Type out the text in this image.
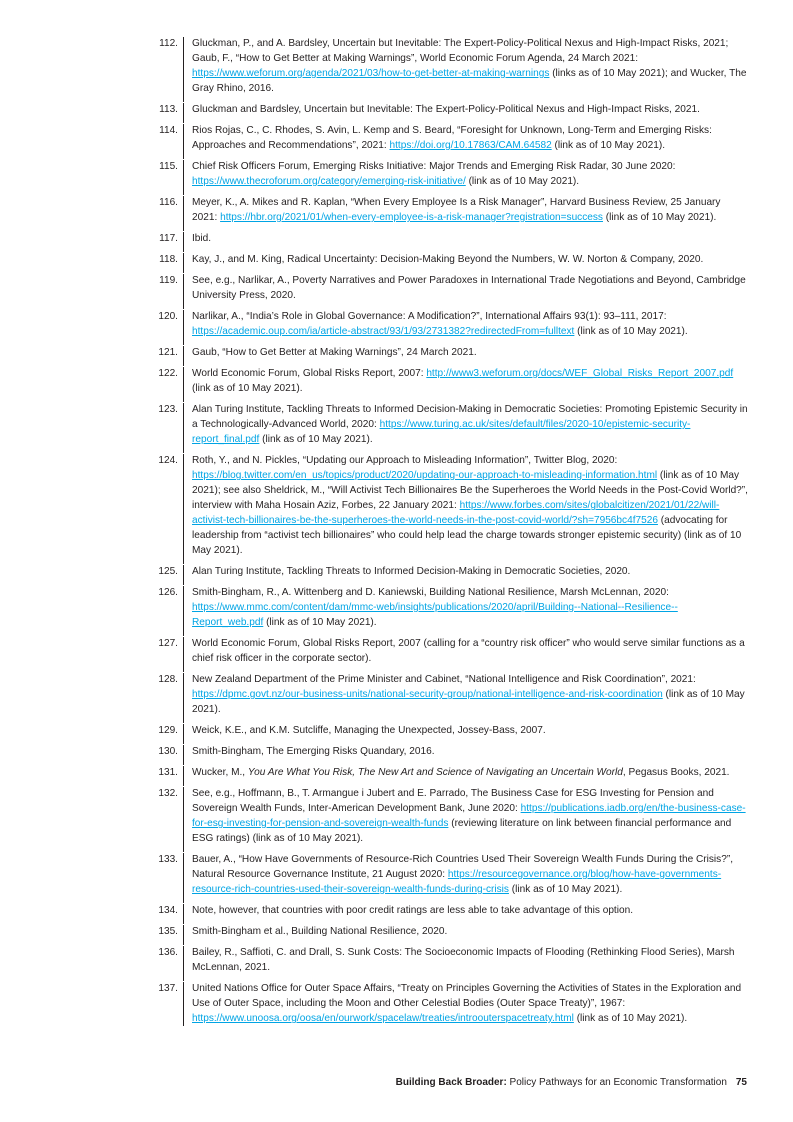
112.	Gluckman, P., and A. Bardsley, Uncertain but Inevitable: The Expert-Policy-Political Nexus and High-Impact Risks, 2021; Gaub, F., “How to Get Better at Making Warnings”, World Economic Forum Agenda, 24 March 2021: https://www.weforum.org/agenda/2021/03/how-to-get-better-at-making-warnings (links as of 10 May 2021); and Wucker, The Gray Rhino, 2016.
113.	Gluckman and Bardsley, Uncertain but Inevitable: The Expert-Policy-Political Nexus and High-Impact Risks, 2021.
114.	Rios Rojas, C., C. Rhodes, S. Avin, L. Kemp and S. Beard, “Foresight for Unknown, Long-Term and Emerging Risks: Approaches and Recommendations”, 2021: https://doi.org/10.17863/CAM.64582 (link as of 10 May 2021).
115.	Chief Risk Officers Forum, Emerging Risks Initiative: Major Trends and Emerging Risk Radar, 30 June 2020: https://www.thecroforum.org/category/emerging-risk-initiative/ (link as of 10 May 2021).
116.	Meyer, K., A. Mikes and R. Kaplan, “When Every Employee Is a Risk Manager”, Harvard Business Review, 25 January 2021: https://hbr.org/2021/01/when-every-employee-is-a-risk-manager?registration=success (link as of 10 May 2021).
117.	Ibid.
118.	Kay, J., and M. King, Radical Uncertainty: Decision-Making Beyond the Numbers, W. W. Norton & Company, 2020.
119.	See, e.g., Narlikar, A., Poverty Narratives and Power Paradoxes in International Trade Negotiations and Beyond, Cambridge University Press, 2020.
120.	Narlikar, A., “India’s Role in Global Governance: A Modification?”, International Affairs 93(1): 93–111, 2017: https://academic.oup.com/ia/article-abstract/93/1/93/2731382?redirectedFrom=fulltext (link as of 10 May 2021).
121.	Gaub, “How to Get Better at Making Warnings”, 24 March 2021.
122.	World Economic Forum, Global Risks Report, 2007: http://www3.weforum.org/docs/WEF_Global_Risks_Report_2007.pdf (link as of 10 May 2021).
123.	Alan Turing Institute, Tackling Threats to Informed Decision-Making in Democratic Societies: Promoting Epistemic Security in a Technologically-Advanced World, 2020: https://www.turing.ac.uk/sites/default/files/2020-10/epistemic-security-report_final.pdf (link as of 10 May 2021).
124.	Roth, Y., and N. Pickles, “Updating our Approach to Misleading Information”, Twitter Blog, 2020: https://blog.twitter.com/en_us/topics/product/2020/updating-our-approach-to-misleading-information.html (link as of 10 May 2021); see also Sheldrick, M., “Will Activist Tech Billionaires Be the Superheroes the World Needs in the Post-Covid World?”, interview with Maha Hosain Aziz, Forbes, 22 January 2021: https://www.forbes.com/sites/globalcitizen/2021/01/22/will-activist-tech-billionaires-be-the-superheroes-the-world-needs-in-the-post-covid-world/?sh=7956bc4f7526 (advocating for leadership from “activist tech billionaires” who could help lead the charge towards stronger epistemic security) (link as of 10 May 2021).
125.	Alan Turing Institute, Tackling Threats to Informed Decision-Making in Democratic Societies, 2020.
126.	Smith-Bingham, R., A. Wittenberg and D. Kaniewski, Building National Resilience, Marsh McLennan, 2020: https://www.mmc.com/content/dam/mmc-web/insights/publications/2020/april/Building--National--Resilience--Report_web.pdf (link as of 10 May 2021).
127.	World Economic Forum, Global Risks Report, 2007 (calling for a “country risk officer” who would serve similar functions as a chief risk officer in the corporate sector).
128.	New Zealand Department of the Prime Minister and Cabinet, “National Intelligence and Risk Coordination”, 2021: https://dpmc.govt.nz/our-business-units/national-security-group/national-intelligence-and-risk-coordination (link as of 10 May 2021).
129.	Weick, K.E., and K.M. Sutcliffe, Managing the Unexpected, Jossey-Bass, 2007.
130.	Smith-Bingham, The Emerging Risks Quandary, 2016.
131.	Wucker, M., You Are What You Risk, The New Art and Science of Navigating an Uncertain World, Pegasus Books, 2021.
132.	See, e.g., Hoffmann, B., T. Armangue i Jubert and E. Parrado, The Business Case for ESG Investing for Pension and Sovereign Wealth Funds, Inter-American Development Bank, June 2020: https://publications.iadb.org/en/the-business-case-for-esg-investing-for-pension-and-sovereign-wealth-funds (reviewing literature on link between financial performance and ESG ratings) (link as of 10 May 2021).
133.	Bauer, A., “How Have Governments of Resource-Rich Countries Used Their Sovereign Wealth Funds During the Crisis?”, Natural Resource Governance Institute, 21 August 2020: https://resourcegovernance.org/blog/how-have-governments-resource-rich-countries-used-their-sovereign-wealth-funds-during-crisis (link as of 10 May 2021).
134.	Note, however, that countries with poor credit ratings are less able to take advantage of this option.
135.	Smith-Bingham et al., Building National Resilience, 2020.
136.	Bailey, R., Saffioti, C. and Drall, S. Sunk Costs: The Socioeconomic Impacts of Flooding (Rethinking Flood Series), Marsh McLennan, 2021.
137.	United Nations Office for Outer Space Affairs, “Treaty on Principles Governing the Activities of States in the Exploration and Use of Outer Space, including the Moon and Other Celestial Bodies (Outer Space Treaty)”, 1967: https://www.unoosa.org/oosa/en/ourwork/spacelaw/treaties/introouterspacetreaty.html (link as of 10 May 2021).
Building Back Broader: Policy Pathways for an Economic Transformation 75
